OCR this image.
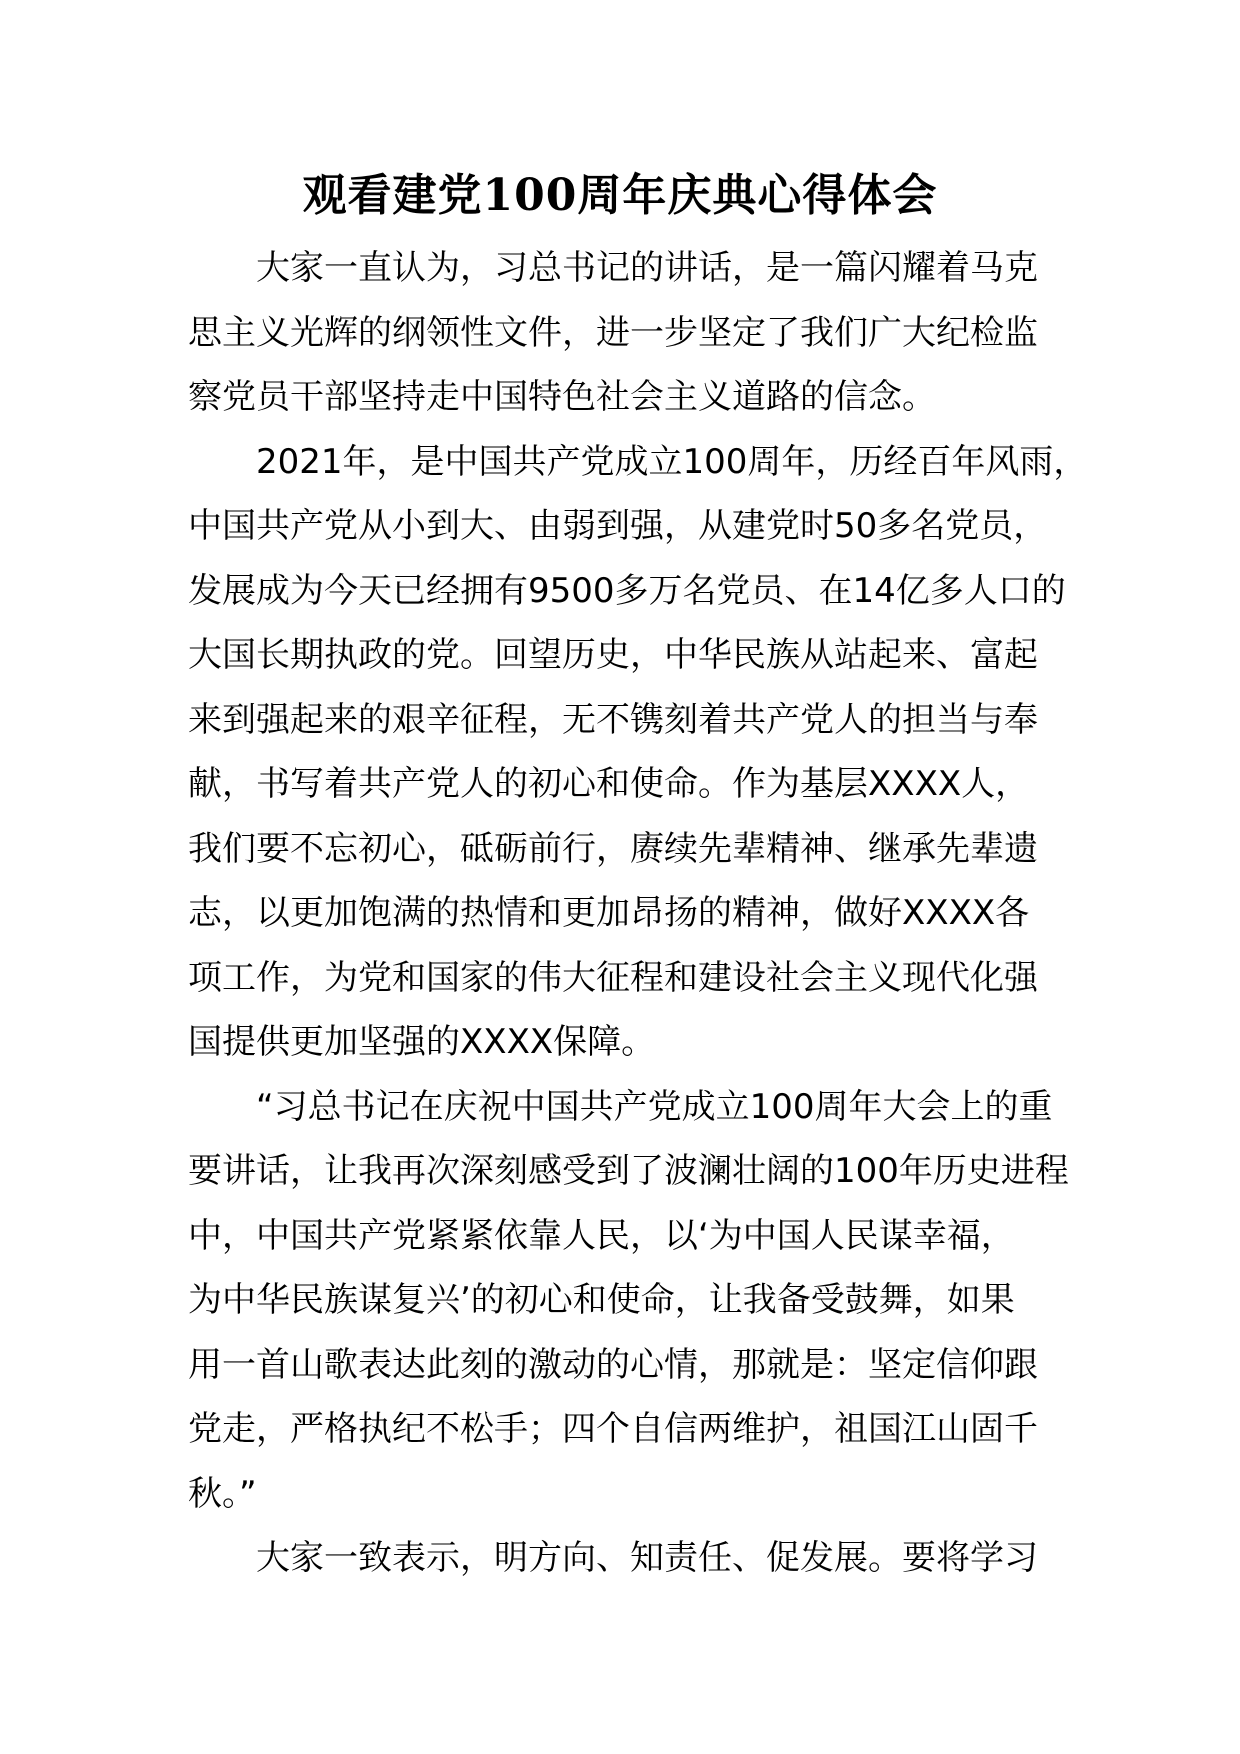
观看建党100周年庆典心得体会

大家一直认为，习总书记的讲话，是一篇闪耀着马克
思主义光辉的纲领性文件，进一步坚定了我们广大纪检监
察党员干部坚持走中国特色社会主义道路的信念。

2021年，是中国共产党成立100周年，历经百年风雨，
中国共产党从小到大、由弱到强，从建党时50多名党员，
发展成为今天已经拥有9500多万名党员、在14亿多人口的
大国长期执政的党。回望历史，中华民族从站起来、富起
来到强起来的艰辛征程，无不镌刻着共产党人的担当与奉
献，书写着共产党人的初心和使命。作为基层XXXX人，
我们要不忘初心，砥砺前行，赓续先辈精神、继承先辈遗
志，以更加饱满的热情和更加昂扬的精神，做好XXXX各
项工作，为党和国家的伟大征程和建设社会主义现代化强
国提供更加坚强的XXXX保障。

“习总书记在庆祝中国共产党成立100周年大会上的重
要讲话，让我再次深刻感受到了波澜壮阔的100年历史进程
中，中国共产党紧紧依靠人民，以‘为中国人民谋幸福，
为中华民族谋复兴’的初心和使命，让我备受鼓舞，如果
用一首山歌表达此刻的激动的心情，那就是：坚定信仰跟
党走，严格执纪不松手；四个自信两维护，祖国江山固千
秋。”

大家一致表示，明方向、知责任、促发展。要将学习
